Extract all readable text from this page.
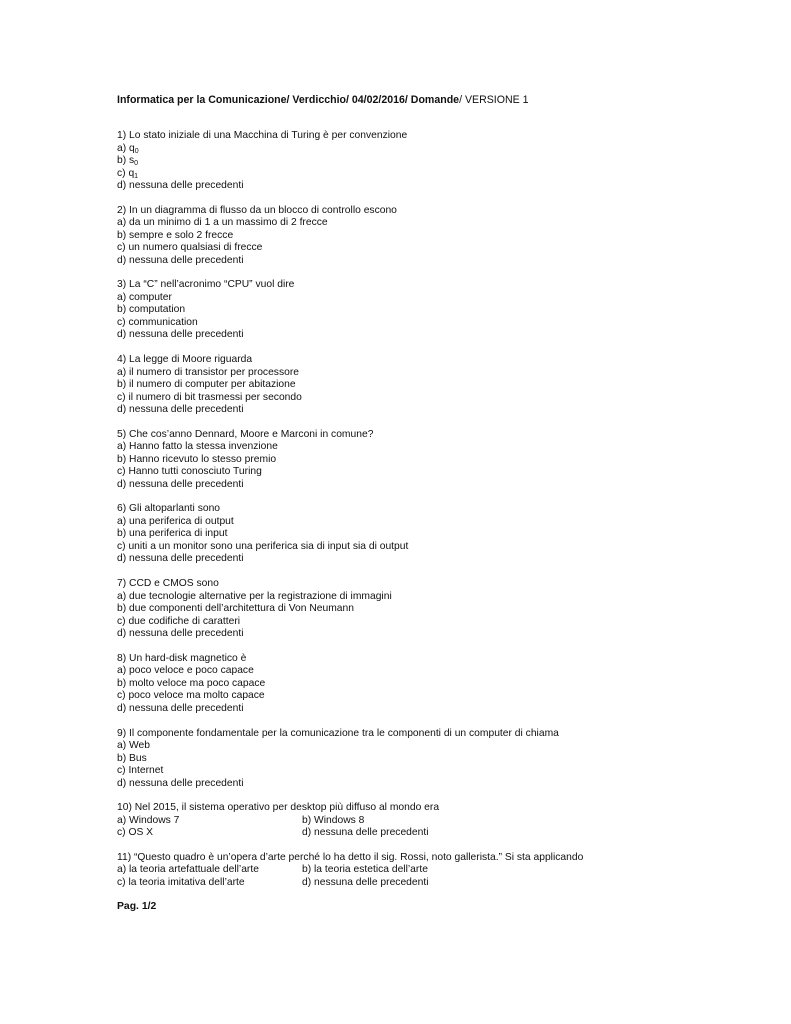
Informatica per la Comunicazione/ Verdicchio/ 04/02/2016/ Domande/ VERSIONE 1
1) Lo stato iniziale di una Macchina di Turing è per convenzione
a) $q_0$
b) $s_0$
c) $q_1$
d) nessuna delle precedenti
2) In un diagramma di flusso da un blocco di controllo escono
a) da un minimo di 1 a un massimo di 2 frecce
b) sempre e solo 2 frecce
c) un numero qualsiasi di frecce
d) nessuna delle precedenti
3) La “C” nell’acronimo “CPU” vuol dire
a) computer
b) computation
c) communication
d) nessuna delle precedenti
4) La legge di Moore riguarda
a) il numero di transistor per processore
b) il numero di computer per abitazione
c) il numero di bit trasmessi per secondo
d) nessuna delle precedenti
5) Che cos’anno Dennard, Moore e Marconi in comune?
a) Hanno fatto la stessa invenzione
b) Hanno ricevuto lo stesso premio
c) Hanno tutti conosciuto Turing
d) nessuna delle precedenti
6) Gli altoparlanti sono
a) una periferica di output
b) una periferica di input
c) uniti a un monitor sono una periferica sia di input sia di output
d) nessuna delle precedenti
7) CCD e CMOS sono
a) due tecnologie alternative per la registrazione di immagini
b) due componenti dell’architettura di Von Neumann
c) due codifiche di caratteri
d) nessuna delle precedenti
8) Un hard-disk magnetico è
a) poco veloce e poco capace
b) molto veloce ma poco capace
c) poco veloce ma molto capace
d) nessuna delle precedenti
9) Il componente fondamentale per la comunicazione tra le componenti di un computer di chiama
a) Web
b) Bus
c) Internet
d) nessuna delle precedenti
10) Nel 2015, il sistema operativo per desktop più diffuso al mondo era
a) Windows 7	b) Windows 8
c) OS X	d) nessuna delle precedenti
11) “Questo quadro è un’opera d’arte perché lo ha detto il sig. Rossi, noto gallerista.” Si sta applicando
a) la teoria artefattuale dell’arte	b) la teoria estetica dell’arte
c) la teoria imitativa dell’arte	d) nessuna delle precedenti
Pag. 1/2
